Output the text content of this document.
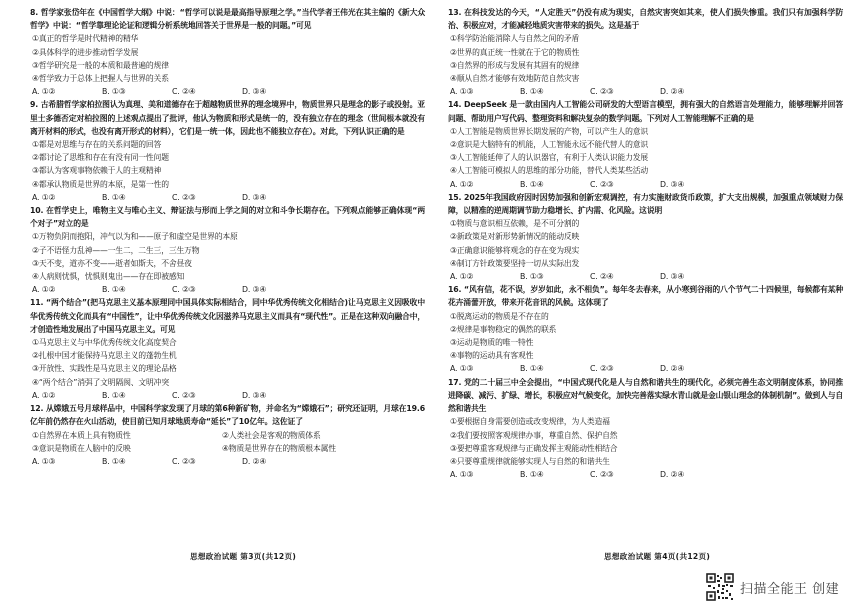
8. 哲学家张岱年在《中国哲学大纲》中说：“哲学可以说是最高指导原理之学。”当代学者王伟光在其主编的《新大众哲学》中说：“哲学靠理论论证和逻辑分析系统地回答关于世界是一般的问题。”可见
①真正的哲学是时代精神的精华
②具体科学的进步推动哲学发展
③哲学研究是一般的本质和最普遍的规律
④哲学致力于总体上把握人与世界的关系
A. ①②	B. ①③	C. ②④	D. ③④
9. 古希腊哲学家柏拉图认为真理、美和道德存在于超越物质世界的理念境界中，物质世界只是理念的影子或投射。亚里士多德否定对柏拉图的上述观点提出了批评，他认为物质和形式是统一的，没有独立存在的理念（世间根本就没有离开材料的形式，也没有离开形式的材料），它们是一统一体，因此也不能独立存在）。对此，下列认识正确的是
①都是对思维与存在的关系问题的回答
②都讨论了思维和存在有没有同一性问题
③都认为客观事物依赖于人的主观精神
④都承认物质是世界的本原，是第一性的
A. ①②	B. ①④	C. ②③	D. ③④
10. 在哲学史上，唯物主义与唯心主义、辩证法与形而上学之间的对立和斗争长期存在。下列观点能够正确体现“两个对子”对立的是
①万物负阴而抱阳，冲气以为和——原子和虚空是世界的本原
②子不语怪力乱神——一生二，二生三，三生万物
③天不变，道亦不变——逝者如斯夫，不舍昼夜
④人病则忧惧，忧惧则鬼出——存在即被感知
A. ①②	B. ①④	C. ②③	D. ③④
11. “两个结合”(把马克思主义基本原理同中国具体实际相结合，同中华优秀传统文化相结合)让马克思主义因吸收中华优秀传统文化而具有“中国性”，让中华优秀传统文化因滋养马克思主义而具有“现代性”。正是在这种双向融合中，才创造性地发展出了中国马克思主义。可见
①马克思主义与中华优秀传统文化高度契合
②扎根中国才能保持马克思主义的蓬勃生机
③开放性、实践性是马克思主义的理论品格
④“两个结合”消弭了文明隔阂、文明冲突
A. ①②	B. ①④	C. ②③	D. ③④
12. 从嫦娥五号月球样品中，中国科学家发现了月球的第6种新矿物，并命名为“嫦娥石”；研究还证明，月球在19.6亿年前仍然存在火山活动，使目前已知月球地质寿命“延长”了10亿年。这佐证了
①自然界在本质上具有物质性	②人类社会是客观的物质体系
③意识是物质在人脑中的反映	④物质是世界存在的物质根本属性
A. ①③	B. ①④	C. ②③	D. ②④
13. 在科技发达的今天，“人定胜天”仍没有成为现实，自然灾害突如其来，使人们损失惨重。我们只有加强科学防治、积极应对，才能减轻地质灾害带来的损失。这是基于
①科学防治能消除人与自然之间的矛盾
②世界的真正统一性就在于它的物质性
③自然界的形成与发展有其固有的规律
④顺从自然才能够有效地防范自然灾害
A. ①③	B. ①④	C. ②③	D. ②④
14. DeepSeek 是一款由国内人工智能公司研发的大型语言模型，拥有强大的自然语言处理能力，能够理解并回答问题、帮助用户写代码、整理资料和解决复杂的数学问题。下列对人工智能理解不正确的是
①人工智能是物质世界长期发展的产物，可以产生人的意识
②意识是大脑特有的机能，人工智能永远不能代替人的意识
③人工智能延伸了人的认识器官，有利于人类认识能力发展
④人工智能可模拟人的思维的部分功能，替代人类某些活动
A. ①②	B. ①④	C. ②③	D. ③④
15. 2025年我国政府因时因势加强和创新宏观调控，有力实施财政货币政策，扩大支出规模，加强重点领域财力保障，以精准的逆周期调节助力稳增长、扩内需、化风险。这说明
①物质与意识相互依赖，是不可分割的
②新政策是对新形势新情况的能动反映
③正确意识能够将观念的存在变为现实
④制订方针政策要坚持一切从实际出发
A. ①②	B. ①③	C. ②④	D. ③④
16. “风有信，花不误，岁岁如此，永不相负”。每年冬去春来，从小寒到谷雨的八个节气二十四候里，每候都有某种花卉涌蕾开放，带来开花音讯的风候。这体现了
①脱离运动的物质是不存在的
②规律是事物稳定的偶然的联系
③运动是物质的唯一特性
④事物的运动具有客观性
A. ①③	B. ①④	C. ②③	D. ②④
17. 党的二十届三中全会提出，“中国式现代化是人与自然和谐共生的现代化，必须完善生态文明制度体系，协同推进降碳、减污、扩绿、增长，积极应对气候变化，加快完善落实绿水青山就是金山银山理念的体制机制”。做到人与自然和谐共生
①要根据自身需要创造或改变规律，为人类造福
②我们要按照客观规律办事，尊重自然、保护自然
③要把尊重客观规律与正确发挥主观能动性相结合
④只要尊重规律就能够实现人与自然的和谐共生
A. ①③	B. ①④	C. ②③	D. ②④
思想政治试题 第3页(共12页)	思想政治试题 第4页(共12页)
扫描全能王 创建
